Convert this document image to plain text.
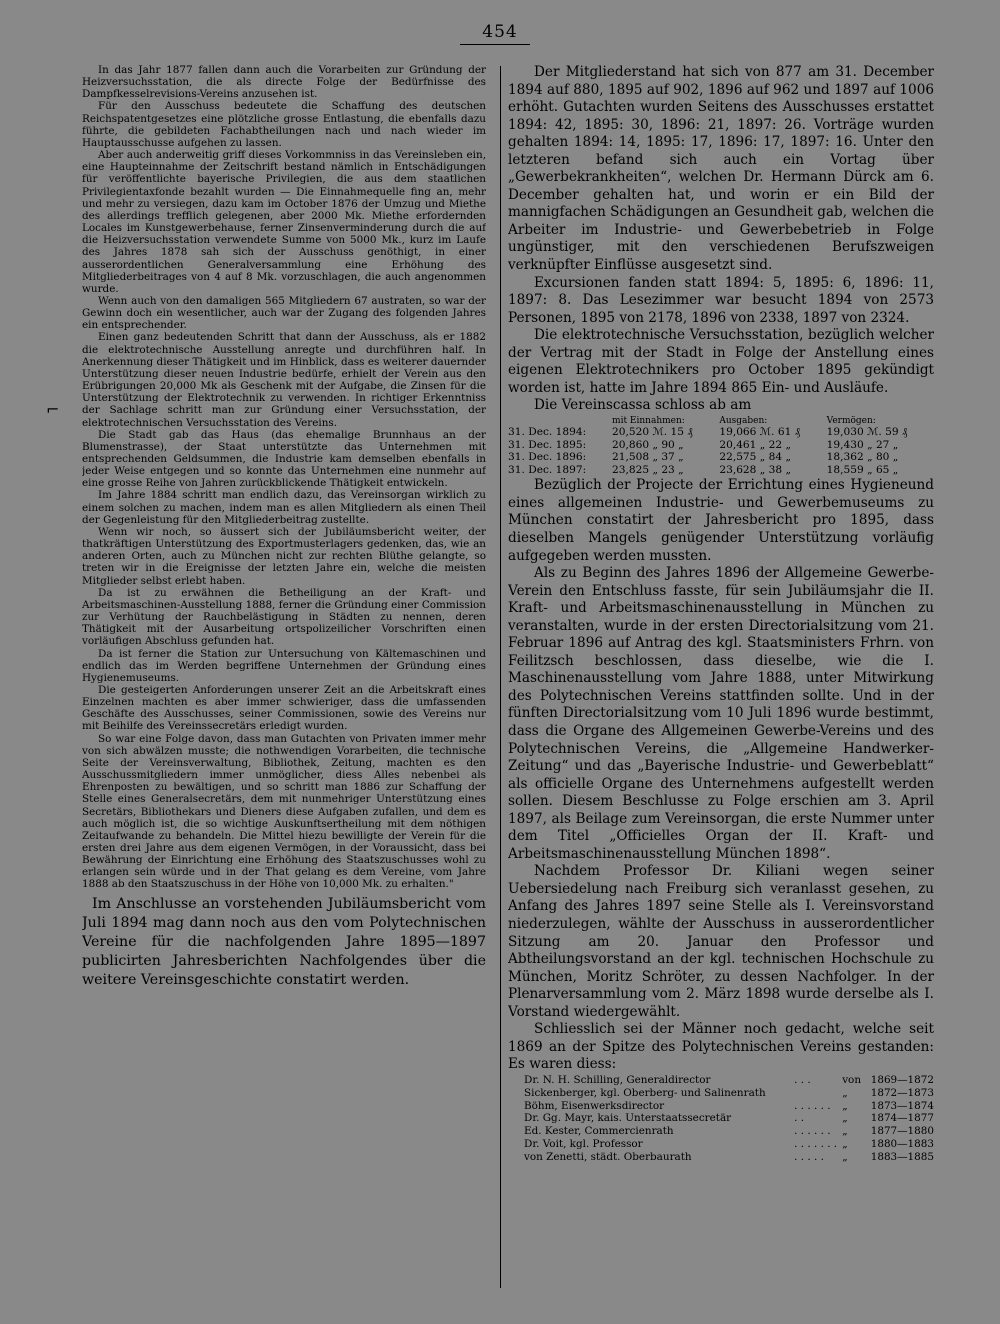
454
⌐

In das Jahr 1877 fallen dann auch die Vorarbeiten zur Gründung der Heizversuchsstation, die als directe Folge der Bedürfnisse des Dampfkesselrevisions-Vereins anzusehen ist.

Für den Ausschuss bedeutete die Schaffung des deutschen Reichspatentgesetzes eine plötzliche grosse Entlastung, die ebenfalls dazu führte, die gebildeten Fachabtheilungen nach und nach wieder im Hauptausschusse aufgehen zu lassen.

Aber auch anderweitig griff dieses Vorkommniss in das Vereinsleben ein, eine Haupteinnahme der Zeitschrift bestand nämlich in Entschädigungen für veröffentlichte bayerische Privilegien, die aus dem staatlichen Privilegientaxfonde bezahlt wurden — Die Einnahmequelle fing an, mehr und mehr zu versiegen, dazu kam im October 1876 der Umzug und Miethe des allerdings trefflich gelegenen, aber 2000 Mk. Miethe erfordernden Locales im Kunstgewerbehause, ferner Zinsenverminderung durch die auf die Heizversuchsstation verwendete Summe von 5000 Mk., kurz im Laufe des Jahres 1878 sah sich der Ausschuss genöthigt, in einer ausserordentlichen Generalversammlung eine Erhöhung des Mitgliederbeitrages von 4 auf 8 Mk. vorzuschlagen, die auch angenommen wurde.

Wenn auch von den damaligen 565 Mitgliedern 67 austraten, so war der Gewinn doch ein wesentlicher, auch war der Zugang des folgenden Jahres ein entsprechender.

Einen ganz bedeutenden Schritt that dann der Ausschuss, als er 1882 die elektrotechnische Ausstellung anregte und durchführen half. In Anerkennung dieser Thätigkeit und im Hinblick, dass es weiterer dauernder Unterstützung dieser neuen Industrie bedürfe, erhielt der Verein aus den Erübrigungen 20,000 Mk als Geschenk mit der Aufgabe, die Zinsen für die Unterstützung der Elektrotechnik zu verwenden. In richtiger Erkenntniss der Sachlage schritt man zur Gründung einer Versuchsstation, der elektrotechnischen Versuchsstation des Vereins.

Die Stadt gab das Haus (das ehemalige Brunnhaus an der Blumenstrasse), der Staat unterstützte das Unternehmen mit entsprechenden Geldsummen, die Industrie kam demselben ebenfalls in jeder Weise entgegen und so konnte das Unternehmen eine nunmehr auf eine grosse Reihe von Jahren zurückblickende Thätigkeit entwickeln.

Im Jahre 1884 schritt man endlich dazu, das Vereinsorgan wirklich zu einem solchen zu machen, indem man es allen Mitgliedern als einen Theil der Gegenleistung für den Mitgliederbeitrag zustellte.

Wenn wir noch, so äussert sich der Jubiläumsbericht weiter, der thatkräftigen Unterstützung des Exportmusterlagers gedenken, das, wie an anderen Orten, auch zu München nicht zur rechten Blüthe gelangte, so treten wir in die Ereignisse der letzten Jahre ein, welche die meisten Mitglieder selbst erlebt haben.

Da ist zu erwähnen die Betheiligung an der Kraft- und Arbeitsmaschinen-Ausstellung 1888, ferner die Gründung einer Commission zur Verhütung der Rauchbelästigung in Städten zu nennen, deren Thätigkeit mit der Ausarbeitung ortspolizeilicher Vorschriften einen vorläufigen Abschluss gefunden hat.

Da ist ferner die Station zur Untersuchung von Kältemaschinen und endlich das im Werden begriffene Unternehmen der Gründung eines Hygienemuseums.

Die gesteigerten Anforderungen unserer Zeit an die Arbeitskraft eines Einzelnen machten es aber immer schwieriger, dass die umfassenden Geschäfte des Ausschusses, seiner Commissionen, sowie des Vereins nur mit Beihilfe des Vereinssecretärs erledigt wurden.

So war eine Folge davon, dass man Gutachten von Privaten immer mehr von sich abwälzen musste; die nothwendigen Vorarbeiten, die technische Seite der Vereinsverwaltung, Bibliothek, Zeitung, machten es den Ausschussmitgliedern immer unmöglicher, diess Alles nebenbei als Ehrenposten zu bewältigen, und so schritt man 1886 zur Schaffung der Stelle eines Generalsecretärs, dem mit nunmehriger Unterstützung eines Secretärs, Bibliothekars und Dieners diese Aufgaben zufallen, und dem es auch möglich ist, die so wichtige Auskunftsertheilung mit dem nöthigen Zeitaufwande zu behandeln. Die Mittel hiezu bewilligte der Verein für die ersten drei Jahre aus dem eigenen Vermögen, in der Voraussicht, dass bei Bewährung der Einrichtung eine Erhöhung des Staatszuschusses wohl zu erlangen sein würde und in der That gelang es dem Vereine, vom Jahre 1888 ab den Staatszuschuss in der Höhe von 10,000 Mk. zu erhalten."

Im Anschlusse an vorstehenden Jubiläumsbericht vom Juli 1894 mag dann noch aus den vom Polytechnischen Vereine für die nachfolgenden Jahre 1895—1897 publicirten Jahresberichten Nachfolgendes über die weitere Vereinsgeschichte constatirt werden.

Der Mitgliederstand hat sich von 877 am 31. December 1894 auf 880, 1895 auf 902, 1896 auf 962 und 1897 auf 1006 erhöht. Gutachten wurden Seitens des Ausschusses erstattet 1894: 42, 1895: 30, 1896: 21, 1897: 26. Vorträge wurden gehalten 1894: 14, 1895: 17, 1896: 17, 1897: 16. Unter den letzteren befand sich auch ein Vortag über „Gewerbekrankheiten“, welchen Dr. Hermann Dürck am 6. December gehalten hat, und worin er ein Bild der mannigfachen Schädigungen an Gesundheit gab, welchen die Arbeiter im Industrie- und Gewerbebetrieb in Folge ungünstiger, mit den verschiedenen Berufszweigen verknüpfter Einflüsse ausgesetzt sind.

Excursionen fanden statt 1894: 5, 1895: 6, 1896: 11, 1897: 8. Das Lesezimmer war besucht 1894 von 2573 Personen, 1895 von 2178, 1896 von 2338, 1897 von 2324.

Die elektrotechnische Versuchsstation, bezüglich welcher der Vertrag mit der Stadt in Folge der Anstellung eines eigenen Elektrotechnikers pro October 1895 gekündigt worden ist, hatte im Jahre 1894 865 Ein- und Ausläufe.

Die Vereinscassa schloss ab am

	mit Einnahmen:	Ausgaben:	Vermögen:
31. Dec. 1894:	20,520 ℳ. 15 ₰	19,066 ℳ. 61 ₰	19,030 ℳ. 59 ₰
31. Dec. 1895:	20,860 „ 90 „	20,461 „ 22 „	19,430 „ 27 „
31. Dec. 1896:	21,508 „ 37 „	22,575 „ 84 „	18,362 „ 80 „
31. Dec. 1897:	23,825 „ 23 „	23,628 „ 38 „	18,559 „ 65 „

Bezüglich der Projecte der Errichtung eines Hygieneund eines allgemeinen Industrie- und Gewerbemuseums zu München constatirt der Jahresbericht pro 1895, dass dieselben Mangels genügender Unterstützung vorläufig aufgegeben werden mussten.

Als zu Beginn des Jahres 1896 der Allgemeine Gewerbe-Verein den Entschluss fasste, für sein Jubiläumsjahr die II. Kraft- und Arbeitsmaschinenausstellung in München zu veranstalten, wurde in der ersten Directorialsitzung vom 21. Februar 1896 auf Antrag des kgl. Staatsministers Frhrn. von Feilitzsch beschlossen, dass dieselbe, wie die I. Maschinenausstellung vom Jahre 1888, unter Mitwirkung des Polytechnischen Vereins stattfinden sollte. Und in der fünften Directorialsitzung vom 10 Juli 1896 wurde bestimmt, dass die Organe des Allgemeinen Gewerbe-Vereins und des Polytechnischen Vereins, die „Allgemeine Handwerker-Zeitung“ und das „Bayerische Industrie- und Gewerbeblatt“ als officielle Organe des Unternehmens aufgestellt werden sollen. Diesem Beschlusse zu Folge erschien am 3. April 1897, als Beilage zum Vereinsorgan, die erste Nummer unter dem Titel „Officielles Organ der II. Kraft- und Arbeitsmaschinenausstellung München 1898“.

Nachdem Professor Dr. Kiliani wegen seiner Uebersiedelung nach Freiburg sich veranlasst gesehen, zu Anfang des Jahres 1897 seine Stelle als I. Vereinsvorstand niederzulegen, wählte der Ausschuss in ausserordentlicher Sitzung am 20. Januar den Professor und Abtheilungsvorstand an der kgl. technischen Hochschule zu München, Moritz Schröter, zu dessen Nachfolger. In der Plenarversammlung vom 2. März 1898 wurde derselbe als I. Vorstand wiedergewählt.

Schliesslich sei der Männer noch gedacht, welche seit 1869 an der Spitze des Polytechnischen Vereins gestanden: Es waren diess:

Dr. N. H. Schilling, Generaldirector	. . .	von	1869—1872
Sickenberger, kgl. Oberberg- und Salinenrath		„	1872—1873
Böhm, Eisenwerksdirector	. . . . . .	„	1873—1874
Dr. Gg. Mayr, kais. Unterstaatssecretär	. .	„	1874—1877
Ed. Kester, Commercienrath	. . . . . .	„	1877—1880
Dr. Voit, kgl. Professor	. . . . . . .	„	1880—1883
von Zenetti, städt. Oberbaurath	. . . . .	„	1883—1885
